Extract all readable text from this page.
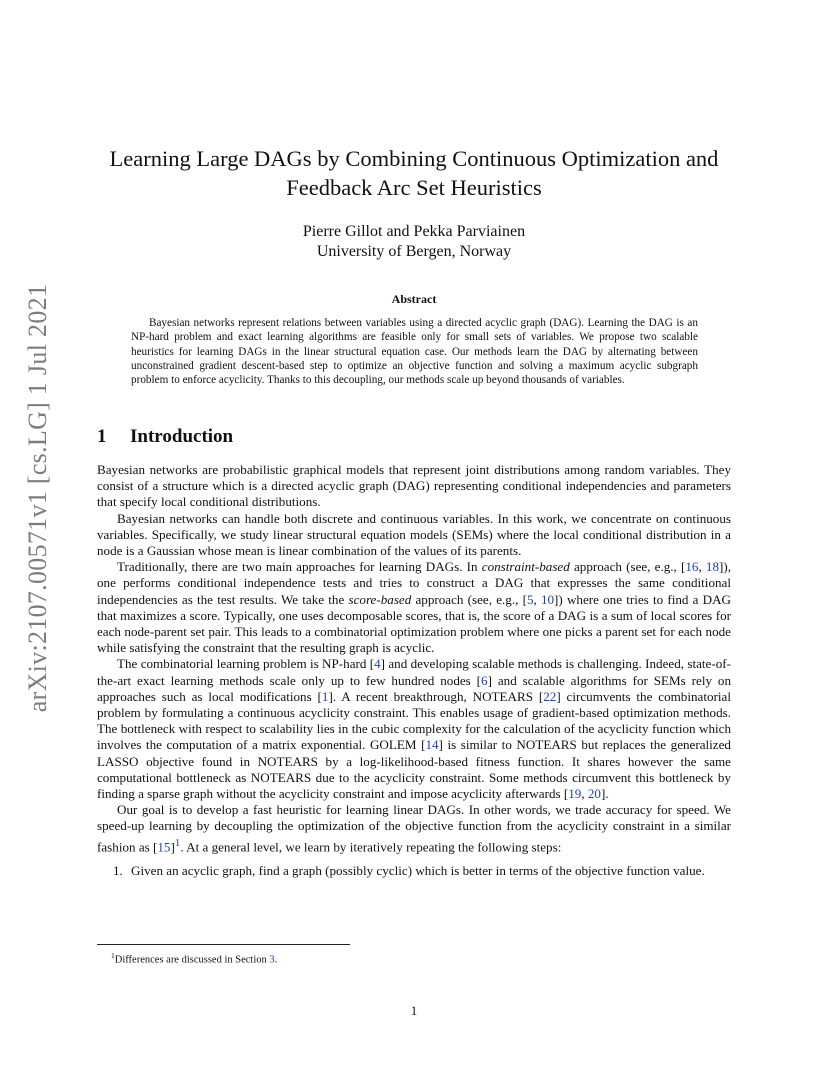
arXiv:2107.00571v1 [cs.LG] 1 Jul 2021
Learning Large DAGs by Combining Continuous Optimization and Feedback Arc Set Heuristics
Pierre Gillot and Pekka Parviainen
University of Bergen, Norway
Abstract
Bayesian networks represent relations between variables using a directed acyclic graph (DAG). Learning the DAG is an NP-hard problem and exact learning algorithms are feasible only for small sets of variables. We propose two scalable heuristics for learning DAGs in the linear structural equation case. Our methods learn the DAG by alternating between unconstrained gradient descent-based step to optimize an objective function and solving a maximum acyclic subgraph problem to enforce acyclicity. Thanks to this decoupling, our methods scale up beyond thousands of variables.
1 Introduction

Bayesian networks are probabilistic graphical models that represent joint distributions among random variables. They consist of a structure which is a directed acyclic graph (DAG) representing conditional independencies and parameters that specify local conditional distributions.

Bayesian networks can handle both discrete and continuous variables. In this work, we concentrate on continuous variables. Specifically, we study linear structural equation models (SEMs) where the local conditional distribution in a node is a Gaussian whose mean is linear combination of the values of its parents.

Traditionally, there are two main approaches for learning DAGs. In constraint-based approach (see, e.g., [16, 18]), one performs conditional independence tests and tries to construct a DAG that expresses the same conditional independencies as the test results. We take the score-based approach (see, e.g., [5, 10]) where one tries to find a DAG that maximizes a score. Typically, one uses decomposable scores, that is, the score of a DAG is a sum of local scores for each node-parent set pair. This leads to a combinatorial optimization problem where one picks a parent set for each node while satisfying the constraint that the resulting graph is acyclic.

The combinatorial learning problem is NP-hard [4] and developing scalable methods is challenging. Indeed, state-of-the-art exact learning methods scale only up to few hundred nodes [6] and scalable algorithms for SEMs rely on approaches such as local modifications [1]. A recent breakthrough, NOTEARS [22] circumvents the combinatorial problem by formulating a continuous acyclicity constraint. This enables usage of gradient-based optimization methods. The bottleneck with respect to scalability lies in the cubic complexity for the calculation of the acyclicity function which involves the computation of a matrix exponential. GOLEM [14] is similar to NOTEARS but replaces the generalized LASSO objective found in NOTEARS by a log-likelihood-based fitness function. It shares however the same computational bottleneck as NOTEARS due to the acyclicity constraint. Some methods circumvent this bottleneck by finding a sparse graph without the acyclicity constraint and impose acyclicity afterwards [19, 20].

Our goal is to develop a fast heuristic for learning linear DAGs. In other words, we trade accuracy for speed. We speed-up learning by decoupling the optimization of the objective function from the acyclicity constraint in a similar fashion as $[15]^1$. At a general level, we learn by iteratively repeating the following steps:

1. Given an acyclic graph, find a graph (possibly cyclic) which is better in terms of the objective function value.
$^1$Differences are discussed in Section 3.
1
